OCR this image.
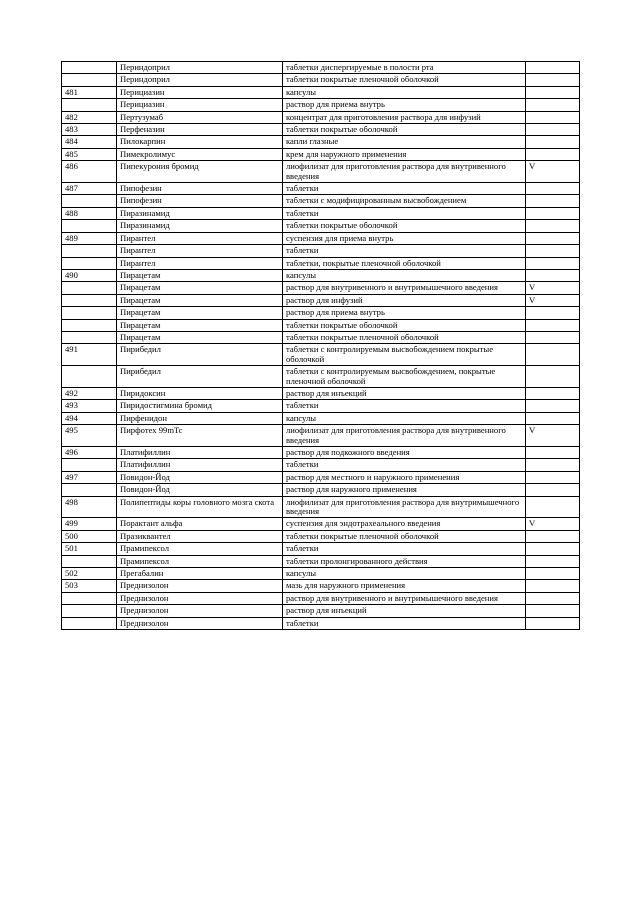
	Периндоприл	таблетки диспергируемые в полости рта	
	Периндоприл	таблетки покрытые пленочной оболочкой	
481	Перициазин	капсулы	
	Перициазин	раствор для приема внутрь	
482	Пертузумаб	концентрат для приготовления раствора для инфузий	
483	Перфеназин	таблетки покрытые оболочкой	
484	Пилокарпин	капли глазные	
485	Пимекролимус	крем для наружного применения	
486	Пипекурония бромид	лиофилизат для приготовления раствора для внутривенного введения	V
487	Пипофезин	таблетки	
	Пипофезин	таблетки с модифицированным высвобождением	
488	Пиразинамид	таблетки	
	Пиразинамид	таблетки покрытые оболочкой	
489	Пирантел	суспензия для приема внутрь	
	Пирантел	таблетки	
	Пирантел	таблетки, покрытые пленочной оболочкой	
490	Пирацетам	капсулы	
	Пирацетам	раствор для внутривенного и внутримышечного введения	V
	Пирацетам	раствор для инфузий	V
	Пирацетам	раствор для приема внутрь	
	Пирацетам	таблетки покрытые оболочкой	
	Пирацетам	таблетки покрытые пленочной оболочкой	
491	Пирибедил	таблетки с контролируемым высвобождением покрытые оболочкой	
	Пирибедил	таблетки с контролируемым высвобождением, покрытые пленочной оболочкой	
492	Пиридоксин	раствор для инъекций	
493	Пиридостигмина бромид	таблетки	
494	Пирфенидон	капсулы	
495	Пирфотех 99mTc	лиофилизат для приготовления раствора для внутривенного введения	V
496	Платифиллин	раствор для подкожного введения	
	Платифиллин	таблетки	
497	Повидон-Йод	раствор для местного и наружного применения	
	Повидон-Йод	раствор для наружного применения	
498	Полипептиды коры головного мозга скота	лиофилизат для приготовления раствора для внутримышечного введения	
499	Порактант альфа	суспензия для эндотрахеального введения	V
500	Празиквантел	таблетки покрытые пленочной оболочкой	
501	Прамипексол	таблетки	
	Прамипексол	таблетки пролонгированного действия	
502	Прегабалин	капсулы	
503	Преднизолон	мазь для наружного применения	
	Преднизолон	раствор для внутривенного и внутримышечного введения	
	Преднизолон	раствор для инъекций	
	Преднизолон	таблетки	
